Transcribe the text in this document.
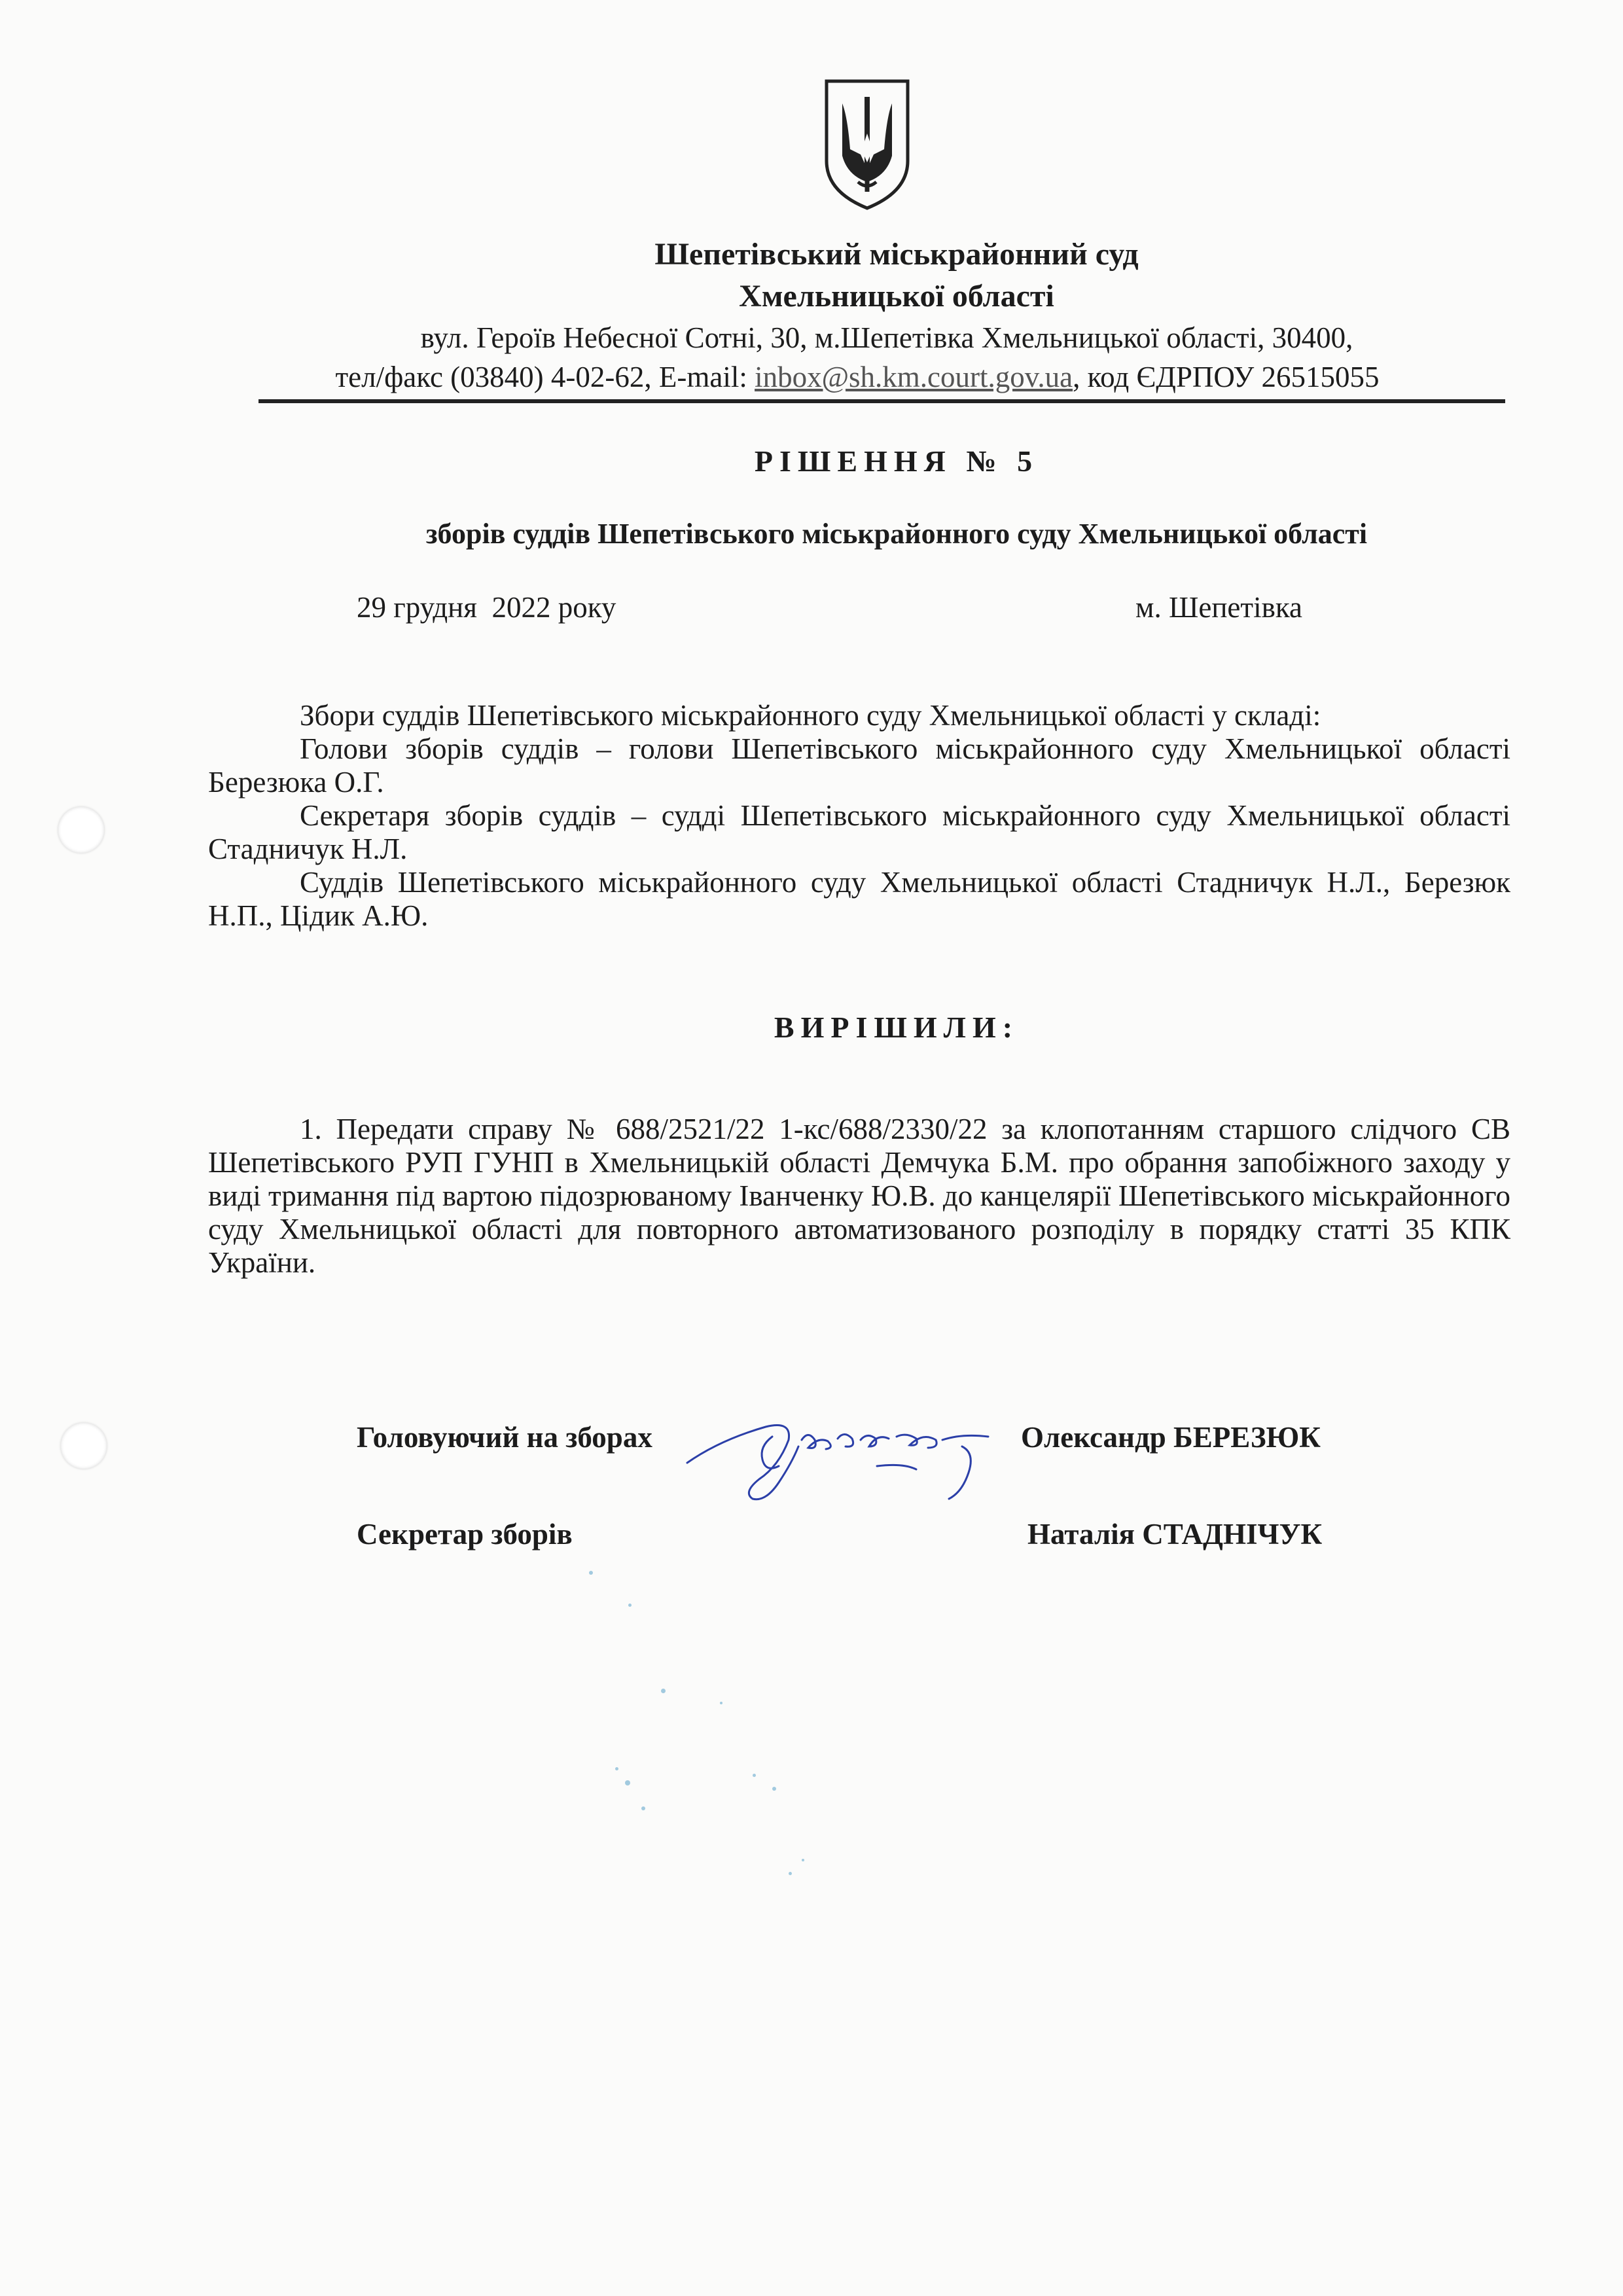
Шепетівський міськрайонний суд
Хмельницької області
вул. Героїв Небесної Сотні, 30, м.Шепетівка Хмельницької області, 30400,
тел/факс (03840) 4-02-62, E-mail: inbox@sh.km.court.gov.ua, код ЄДРПОУ 26515055
РІШЕННЯ № 5
зборів суддів Шепетівського міськрайонного суду Хмельницької області
29 грудня  2022 року	м. Шепетівка

Збори суддів Шепетівського міськрайонного суду Хмельницької області у складі:

Голови зборів суддів – голови Шепетівського міськрайонного суду Хмельницької області Березюка О.Г.

Секретаря зборів суддів – судді Шепетівського міськрайонного суду Хмельницької області Стадничук Н.Л.

Суддів Шепетівського міськрайонного суду Хмельницької області Стадничук Н.Л., Березюк Н.П., Цідик А.Ю.

ВИРІШИЛИ:

1. Передати справу № 688/2521/22 1-кс/688/2330/22 за клопотанням старшого слідчого СВ Шепетівського РУП ГУНП в Хмельницькій області Демчука Б.М. про обрання запобіжного заходу у виді тримання під вартою підозрюваному Іванченку Ю.В. до канцелярії Шепетівського міськрайонного суду Хмельницької області для повторного автоматизованого розподілу в порядку статті 35 КПК України.

Головуючий на зборах	Олександр БЕРЕЗЮК
Секретар зборів	Наталія СТАДНІЧУК
